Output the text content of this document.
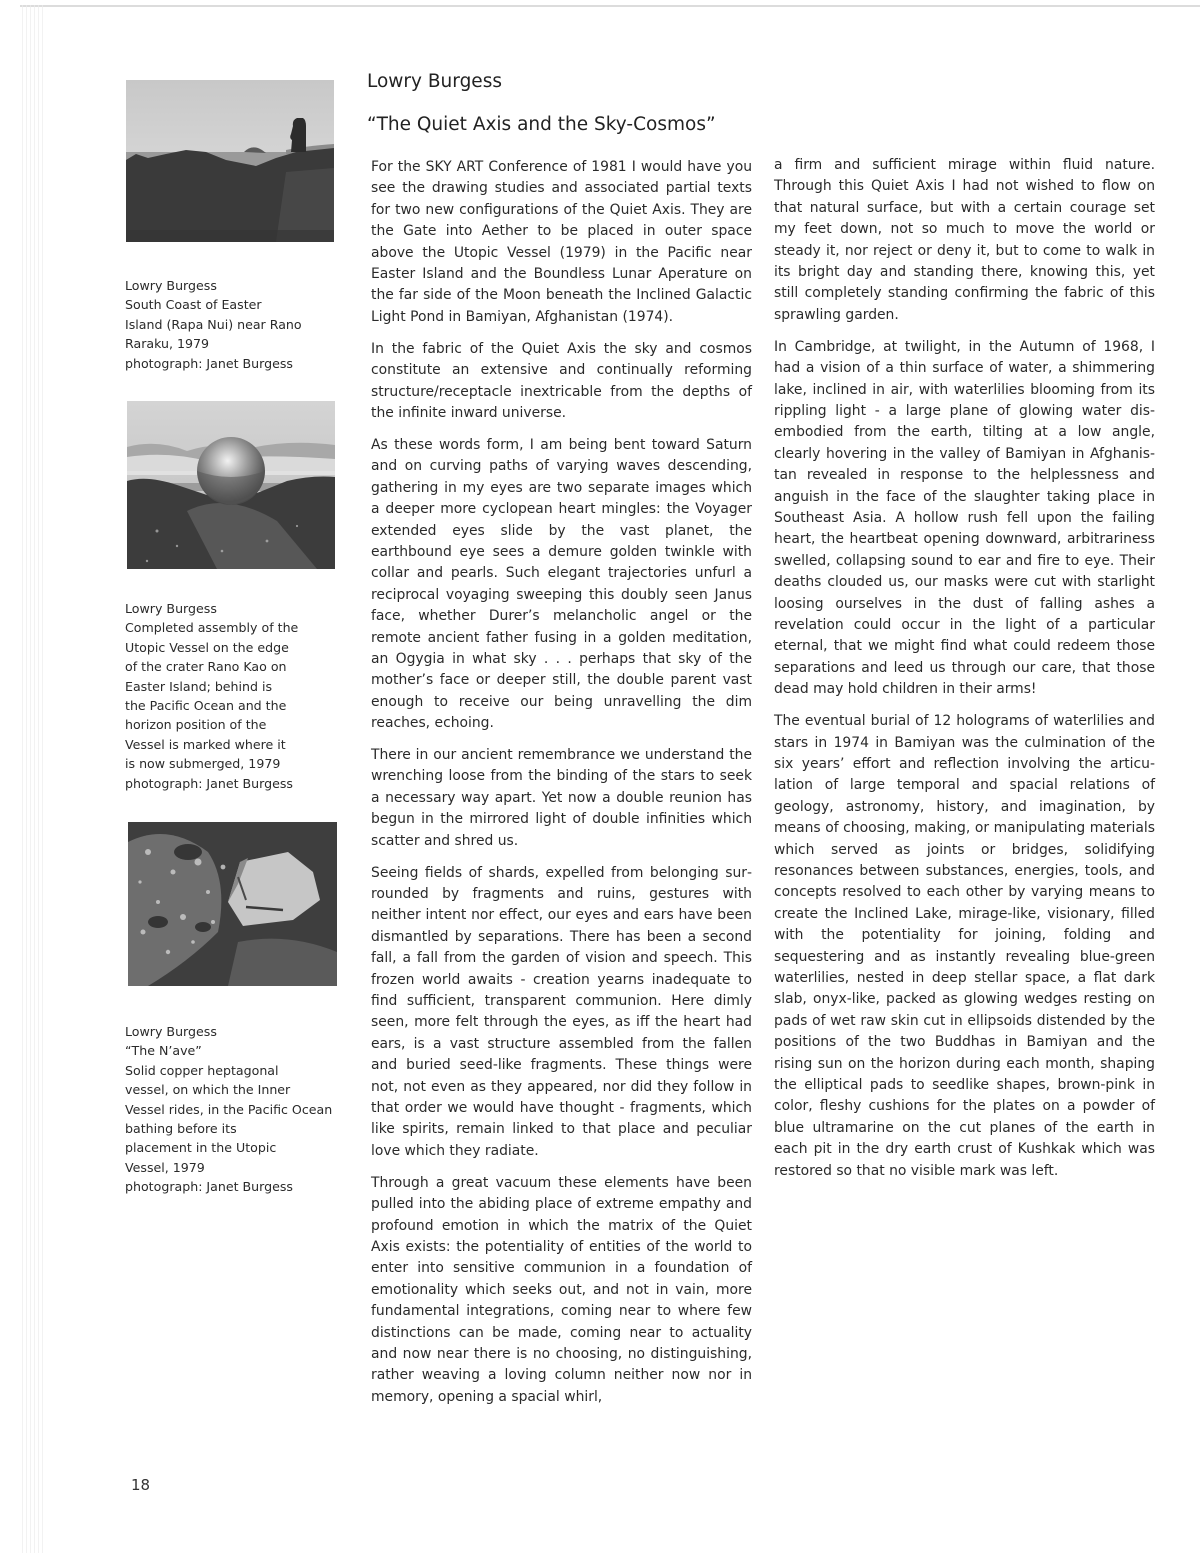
Lowry Burgess
South Coast of Easter
Island (Rapa Nui) near Rano
Raraku, 1979
photograph: Janet Burgess
Lowry Burgess
Completed assembly of the
Utopic Vessel on the edge
of the crater Rano Kao on
Easter Island; behind is
the Pacific Ocean and the
horizon position of the
Vessel is marked where it
is now submerged, 1979
photograph: Janet Burgess
Lowry Burgess
“The N’ave”
Solid copper heptagonal
vessel, on which the Inner
Vessel rides, in the Pacific Ocean
bathing before its
placement in the Utopic
Vessel, 1979
photograph: Janet Burgess
Lowry Burgess
“The Quiet Axis and the Sky-Cosmos”

For the SKY ART Conference of 1981 I would have you see the drawing studies and associated partial texts for two new configurations of the Quiet Axis. They are the Gate into Aether to be placed in outer space above the Utopic Vessel (1979) in the Pacific near Easter Island and the Boundless Lunar Aperature on the far side of the Moon beneath the Inclined Galactic Light Pond in Bamiyan, Afghanistan (1974).

In the fabric of the Quiet Axis the sky and cosmos constitute an extensive and continually reforming structure/receptacle inextricable from the depths of the infinite inward universe.

As these words form, I am being bent toward Saturn and on curving paths of varying waves descending, gathering in my eyes are two separate images which a deeper more cyclopean heart mingles: the Voyager extended eyes slide by the vast planet, the earthbound eye sees a demure golden twinkle with collar and pearls. Such elegant trajectories unfurl a reciprocal voyaging sweeping this doubly seen Janus face, whether Durer’s melancholic angel or the remote ancient father fusing in a golden meditation, an Ogygia in what sky . . . perhaps that sky of the mother’s face or deeper still, the double parent vast enough to receive our being unravelling the dim reaches, echoing.

There in our ancient remembrance we understand the wrenching loose from the binding of the stars to seek a necessary way apart. Yet now a double reunion has begun in the mirrored light of double infinities which scatter and shred us.

Seeing fields of shards, expelled from belonging surrounded by fragments and ruins, gestures with neither intent nor effect, our eyes and ears have been dismantled by separations. There has been a second fall, a fall from the garden of vision and speech. This frozen world awaits - creation yearns inadequate to find sufficient, transparent communion. Here dimly seen, more felt through the eyes, as iff the heart had ears, is a vast structure assembled from the fallen and buried seed-like fragments. These things were not, not even as they appeared, nor did they follow in that order we would have thought - fragments, which like spirits, remain linked to that place and peculiar love which they radiate.

Through a great vacuum these elements have been pulled into the abiding place of extreme empathy and profound emotion in which the matrix of the Quiet Axis exists: the potentiality of entities of the world to enter into sensitive communion in a foundation of emotionality which seeks out, and not in vain, more fundamental integrations, coming near to where few distinctions can be made, coming near to actuality and now near there is no choosing, no distinguishing, rather weaving a loving column neither now nor in memory, opening a spacial whirl,

a firm and sufficient mirage within fluid nature. Through this Quiet Axis I had not wished to flow on that natural surface, but with a certain courage set my feet down, not so much to move the world or steady it, nor reject or deny it, but to come to walk in its bright day and standing there, knowing this, yet still completely standing confirming the fabric of this sprawling garden.

In Cambridge, at twilight, in the Autumn of 1968, I had a vision of a thin surface of water, a shimmering lake, inclined in air, with waterlilies blooming from its rippling light - a large plane of glowing water disembodied from the earth, tilting at a low angle, clearly hovering in the valley of Bamiyan in Afghanistan revealed in response to the helplessness and anguish in the face of the slaughter taking place in Southeast Asia. A hollow rush fell upon the failing heart, the heartbeat opening downward, arbitrariness swelled, collapsing sound to ear and fire to eye. Their deaths clouded us, our masks were cut with starlight loosing ourselves in the dust of falling ashes a revelation could occur in the light of a particular eternal, that we might find what could redeem those separations and leed us through our care, that those dead may hold children in their arms!

The eventual burial of 12 holograms of waterlilies and stars in 1974 in Bamiyan was the culmination of the six years’ effort and reflection involving the articulation of large temporal and spacial relations of geology, astronomy, history, and imagination, by means of choosing, making, or manipulating materials which served as joints or bridges, solidifying resonances between substances, energies, tools, and concepts resolved to each other by varying means to create the Inclined Lake, mirage-like, visionary, filled with the potentiality for joining, folding and sequestering and as instantly revealing blue-green waterlilies, nested in deep stellar space, a flat dark slab, onyx-like, packed as glowing wedges resting on pads of wet raw skin cut in ellipsoids distended by the positions of the two Buddhas in Bamiyan and the rising sun on the horizon during each month, shaping the elliptical pads to seedlike shapes, brown-pink in color, fleshy cushions for the plates on a powder of blue ultramarine on the cut planes of the earth in each pit in the dry earth crust of Kushkak which was restored so that no visible mark was left.

18
